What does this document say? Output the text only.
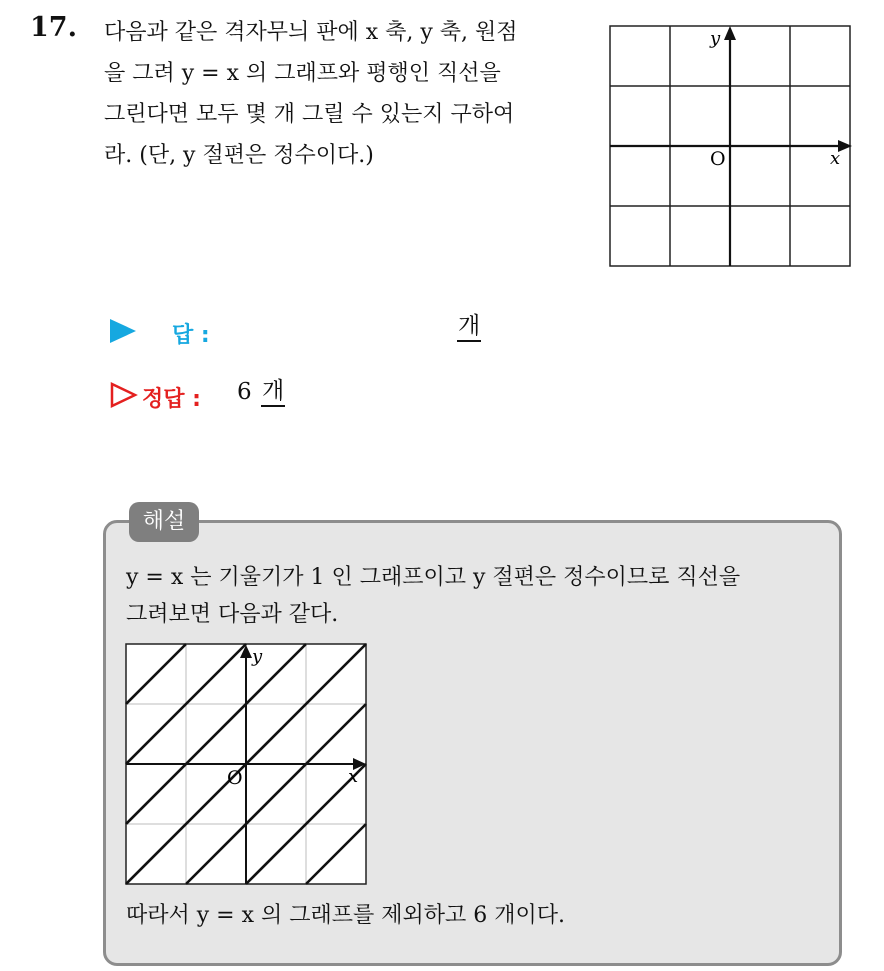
17. 다음과 같은 격자무늬 판에 x 축, y 축, 원점
을 그려 y = x 의 그래프와 평행인 직선을
그린다면 모두 몇 개 그릴 수 있는지 구하여
라. (단, y 절편은 정수이다.)
y
x
O
답 :	개
정답 : 6 개
해설
y = x 는 기울기가 1 인 그래프이고 y 절편은 정수이므로 직선을
그려보면 다음과 같다.
y
x
O
따라서 y = x 의 그래프를 제외하고 6 개이다.
